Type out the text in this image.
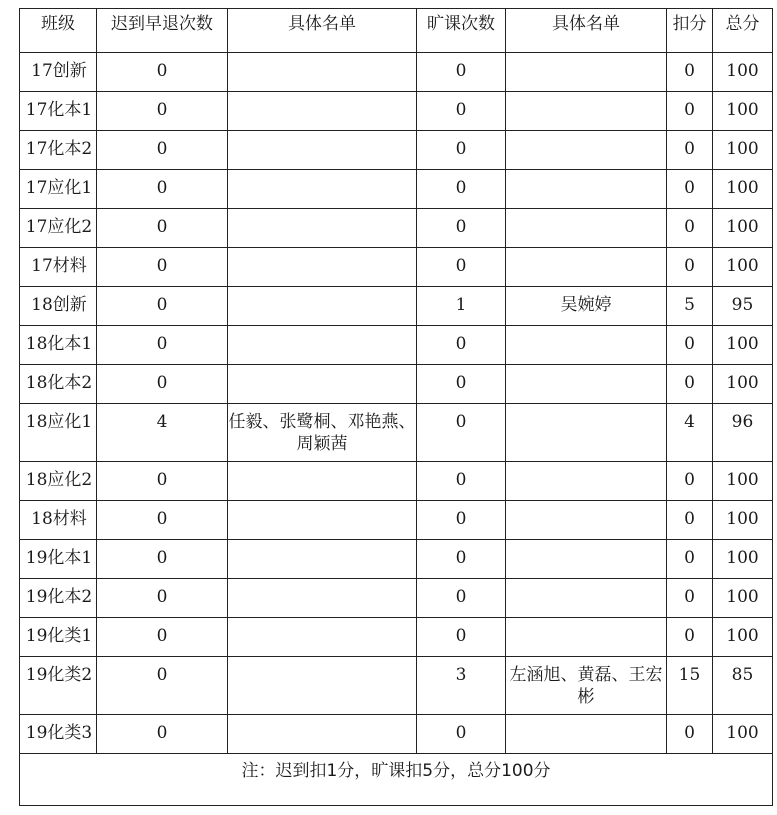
班级	迟到早退次数	具体名单	旷课次数	具体名单	扣分	总分
17创新	0		0		0	100
17化本1	0		0		0	100
17化本2	0		0		0	100
17应化1	0		0		0	100
17应化2	0		0		0	100
17材料	0		0		0	100
18创新	0		1	吴婉婷	5	95
18化本1	0		0		0	100
18化本2	0		0		0	100
18应化1	4	任毅、张鹭桐、邓艳燕、周颖茜	0		4	96
18应化2	0		0		0	100
18材料	0		0		0	100
19化本1	0		0		0	100
19化本2	0		0		0	100
19化类1	0		0		0	100
19化类2	0		3	左涵旭、黄磊、王宏彬	15	85
19化类3	0		0		0	100
注：迟到扣1分，旷课扣5分，总分100分						
